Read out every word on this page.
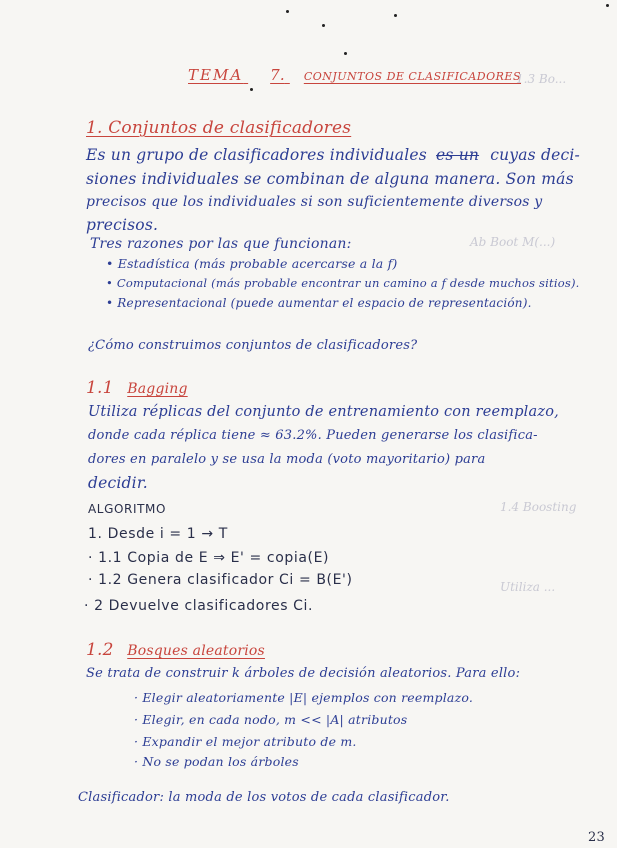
1.3 Bo...
Ab Boot M(...)
1.4 Boosting
Utiliza ...
TEMA 7. CONJUNTOS DE CLASIFICADORES
1. Conjuntos de clasificadores
Es un grupo de clasificadores individuales es un cuyas deci-
siones individuales se combinan de alguna manera. Son más
precisos que los individuales si son suficientemente diversos y
precisos.
Tres razones por las que funcionan:
• Estadística (más probable acercarse a la f)
• Computacional (más probable encontrar un camino a f desde muchos sitios).
• Representacional (puede aumentar el espacio de representación).
¿Cómo construimos conjuntos de clasificadores?
1.1 Bagging
Utiliza réplicas del conjunto de entrenamiento con reemplazo,
donde cada réplica tiene ≈ 63.2%. Pueden generarse los clasifica-
dores en paralelo y se usa la moda (voto mayoritario) para
decidir.
ALGORITMO
1. Desde i = 1 → T
· 1.1 Copia de E ⇒ E' = copia(E)
· 1.2 Genera clasificador Ci = B(E')
· 2 Devuelve clasificadores Ci.
1.2 Bosques aleatorios
Se trata de construir k árboles de decisión aleatorios. Para ello:
· Elegir aleatoriamente |E| ejemplos con reemplazo.
· Elegir, en cada nodo, m << |A| atributos
· Expandir el mejor atributo de m.
· No se podan los árboles
Clasificador: la moda de los votos de cada clasificador.
23
